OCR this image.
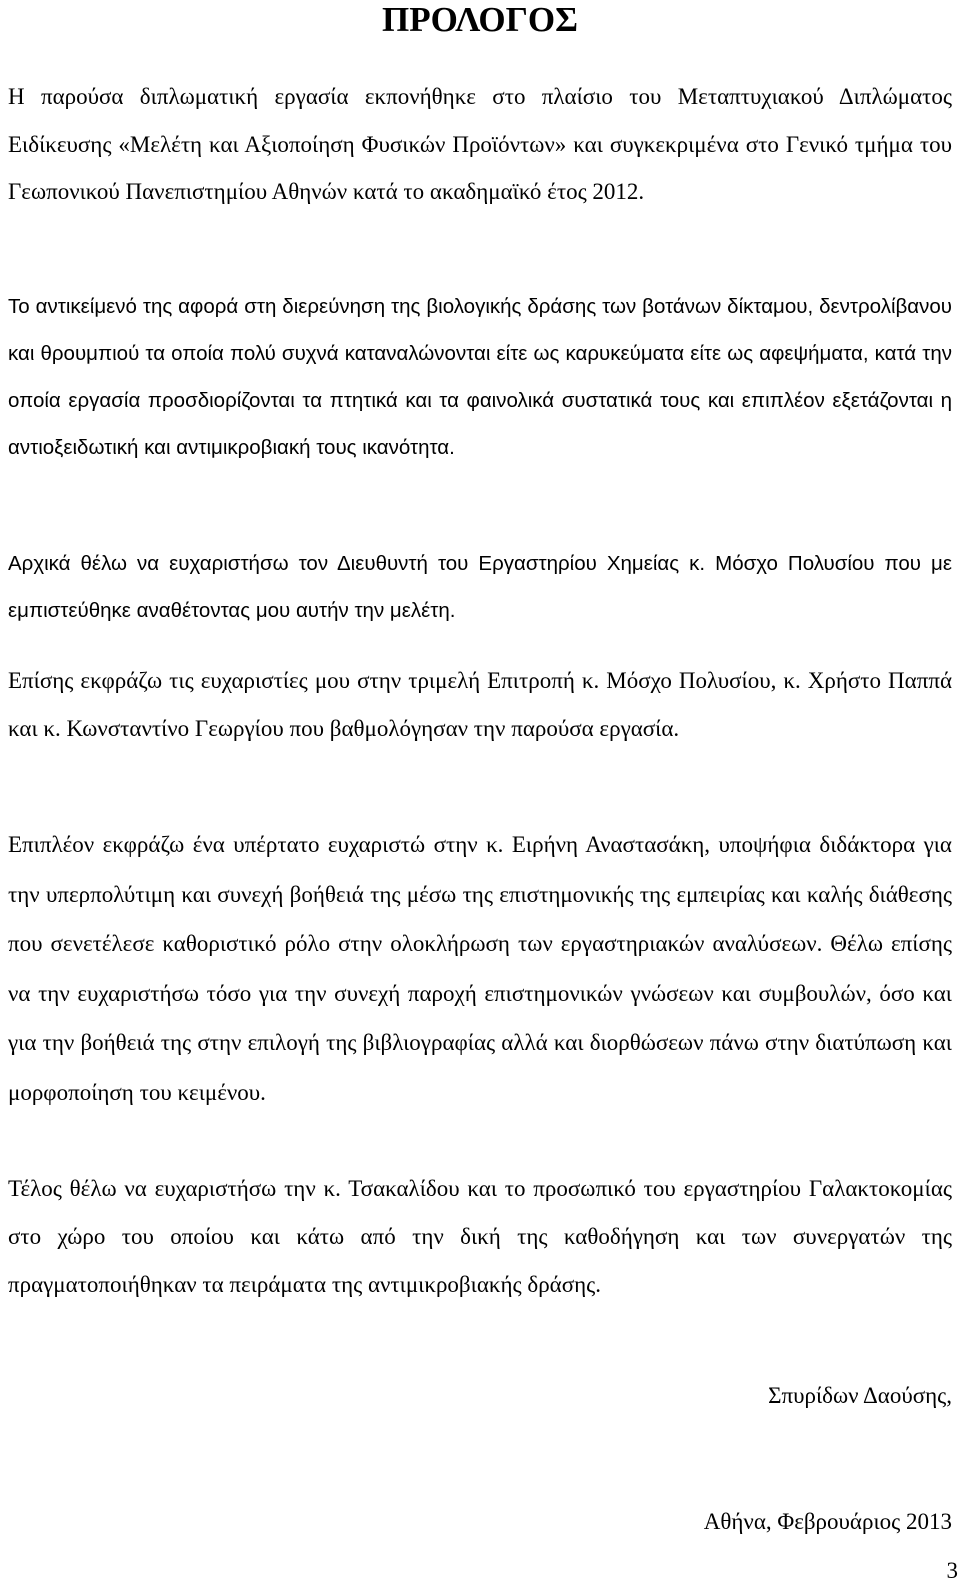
ΠΡΟΛΟΓΟΣ

Η παρούσα διπλωματική εργασία εκπονήθηκε στο πλαίσιο του Μεταπτυχιακού Διπλώματος Ειδίκευσης «Μελέτη και Αξιοποίηση Φυσικών Προϊόντων» και συγκεκριμένα στο Γενικό τμήμα του Γεωπονικού Πανεπιστημίου Αθηνών κατά το ακαδημαϊκό έτος 2012.

Το αντικείμενό της αφορά στη διερεύνηση της βιολογικής δράσης των βοτάνων δίκταμου, δεντρολίβανου και θρουμπιού τα οποία πολύ συχνά καταναλώνονται είτε ως καρυκεύματα είτε ως αφεψήματα, κατά την οποία εργασία προσδιορίζονται τα πτητικά και τα φαινολικά συστατικά τους και επιπλέον εξετάζονται η αντιοξειδωτική και αντιμικροβιακή τους ικανότητα.

Αρχικά θέλω να ευχαριστήσω τον Διευθυντή του Εργαστηρίου Χημείας κ. Μόσχο Πολυσίου που με εμπιστεύθηκε αναθέτοντας μου αυτήν την μελέτη.

Επίσης εκφράζω τις ευχαριστίες μου στην τριμελή Επιτροπή κ. Μόσχο Πολυσίου, κ. Χρήστο Παππά και κ. Κωνσταντίνο Γεωργίου που βαθμολόγησαν την παρούσα εργασία.

Επιπλέον εκφράζω ένα υπέρτατο ευχαριστώ στην κ. Ειρήνη Αναστασάκη, υποψήφια διδάκτορα για την υπερπολύτιμη και συνεχή βοήθειά της μέσω της επιστημονικής της εμπειρίας και καλής διάθεσης που σενετέλεσε καθοριστικό ρόλο στην ολοκλήρωση των εργαστηριακών αναλύσεων. Θέλω επίσης να την ευχαριστήσω τόσο για την συνεχή παροχή επιστημονικών γνώσεων και συμβουλών, όσο και για την βοήθειά της στην επιλογή της βιβλιογραφίας αλλά και διορθώσεων πάνω στην διατύπωση και μορφοποίηση του κειμένου.

Τέλος θέλω να ευχαριστήσω την κ. Τσακαλίδου και το προσωπικό του εργαστηρίου Γαλακτοκομίας στο χώρο του οποίου και κάτω από την δική της καθοδήγηση και των συνεργατών της πραγματοποιήθηκαν τα πειράματα της αντιμικροβιακής δράσης.

Σπυρίδων Δαούσης,

Αθήνα, Φεβρουάριος 2013

3
